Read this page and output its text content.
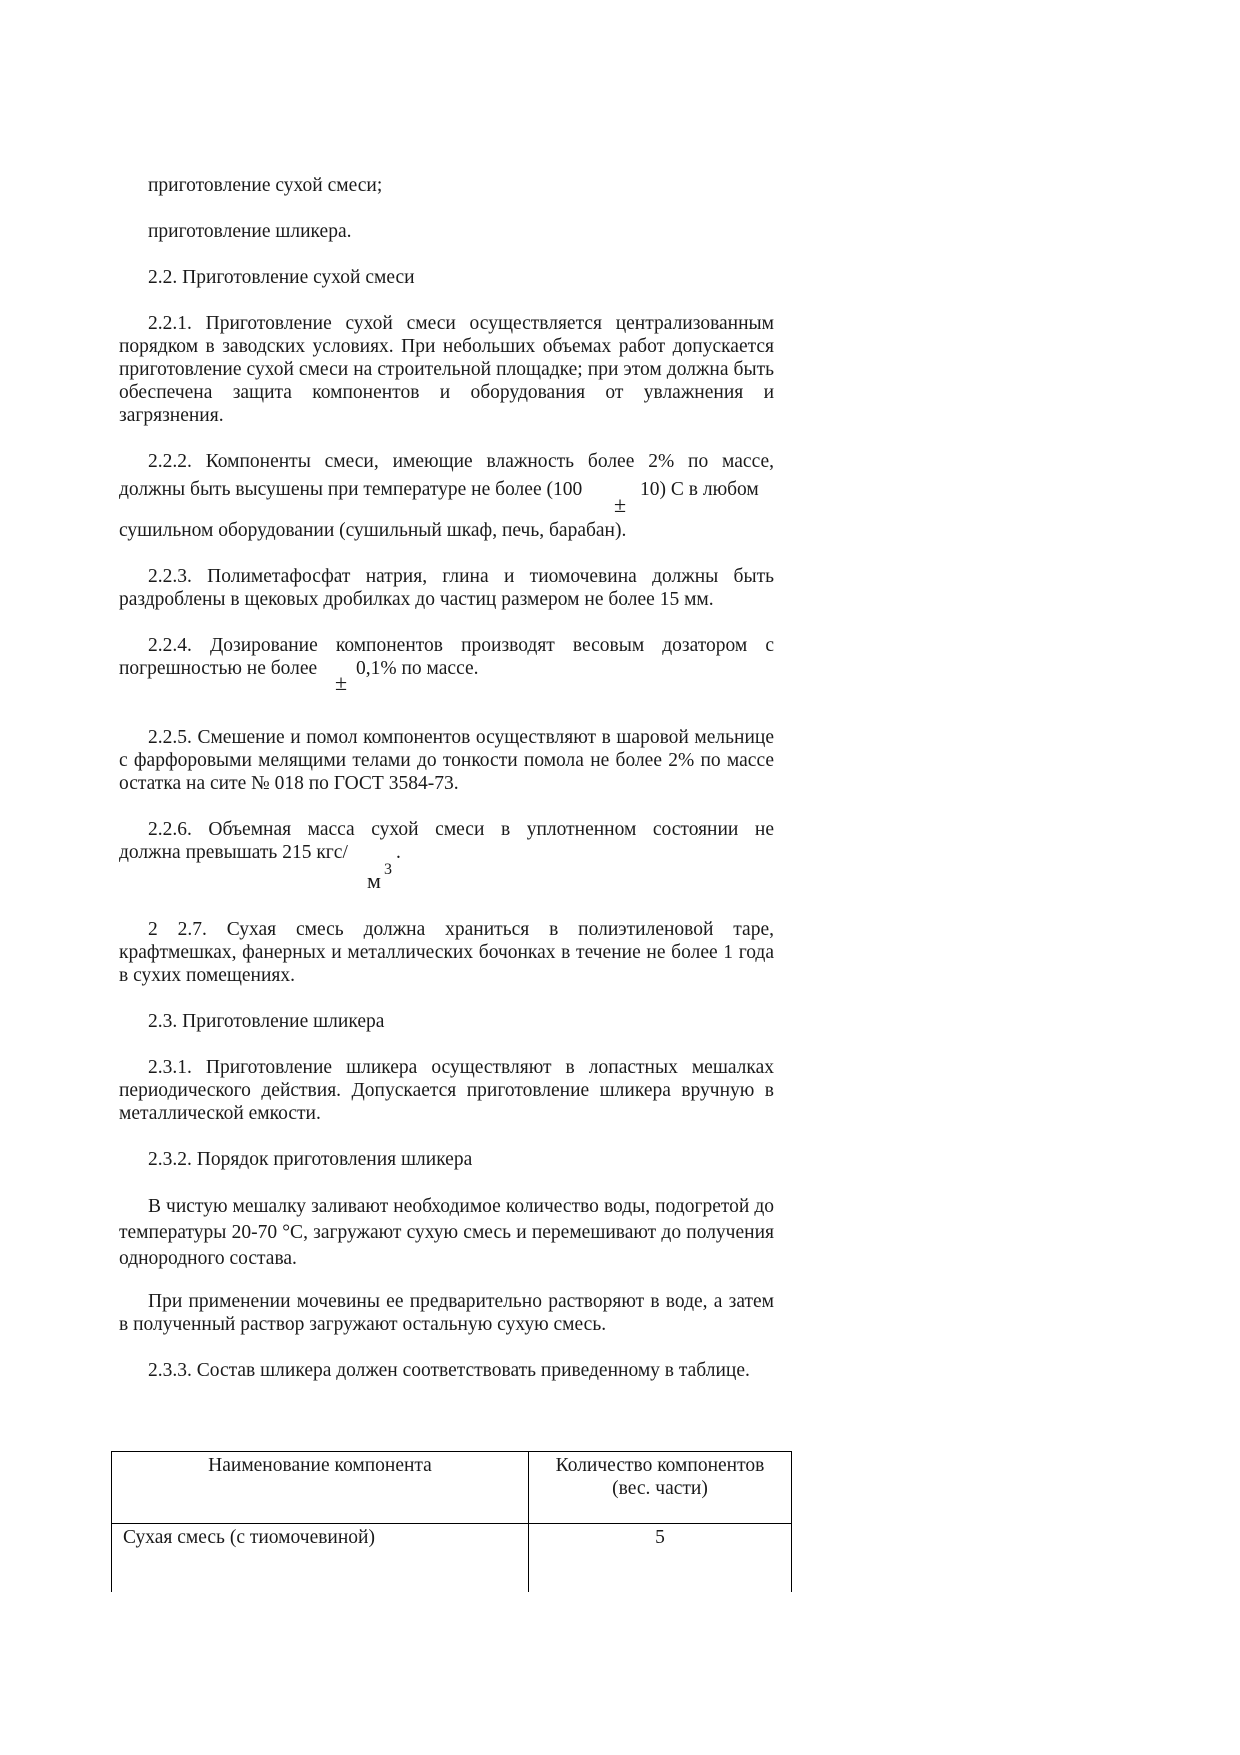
приготовление сухой смеси;

приготовление шликера.

2.2. Приготовление сухой смеси

2.2.1. Приготовление сухой смеси осуществляется централизованным порядком в заводских условиях. При небольших объемах работ допускается приготовление сухой смеси на строительной площадке; при этом должна быть обеспечена защита компонентов и оборудования от увлажнения и загрязнения.

2.2.2. Компоненты смеси, имеющие влажность более 2% по массе,

должны быть высушены при температуре не более (100	10) С в любом

±

сушильном оборудовании (сушильный шкаф, печь, барабан).

2.2.3. Полиметафосфат натрия, глина и тиомочевина должны быть раздроблены в щековых дробилках до частиц размером не более 15 мм.

2.2.4. Дозирование компонентов производят весовым дозатором с

погрешностью не более

±

0,1% по массе.

2.2.5. Смешение и помол компонентов осуществляют в шаровой мельнице с фарфоровыми мелящими телами до тонкости помола не более 2% по массе остатка на сите № 018 по ГОСТ 3584-73.

2.2.6. Объемная масса сухой смеси в уплотненном состоянии не

должна превышать 215 кгс/ .

м 3

2 2.7. Сухая смесь должна храниться в полиэтиленовой таре, крафтмешках, фанерных и металлических бочонках в течение не более 1 года в сухих помещениях.

2.3. Приготовление шликера

2.3.1. Приготовление шликера осуществляют в лопастных мешалках периодического действия. Допускается приготовление шликера вручную в металлической емкости.

2.3.2. Порядок приготовления шликера

В чистую мешалку заливают необходимое количество воды, подогретой до температуры 20-70 °С, загружают сухую смесь и перемешивают до получения однородного состава.

При применении мочевины ее предварительно растворяют в воде, а затем в полученный раствор загружают остальную сухую смесь.

2.3.3. Состав шликера должен соответствовать приведенному в таблице.

Наименование компонента	Количество компонентов (вес. части)
Сухая смесь (с тиомочевиной)	5
